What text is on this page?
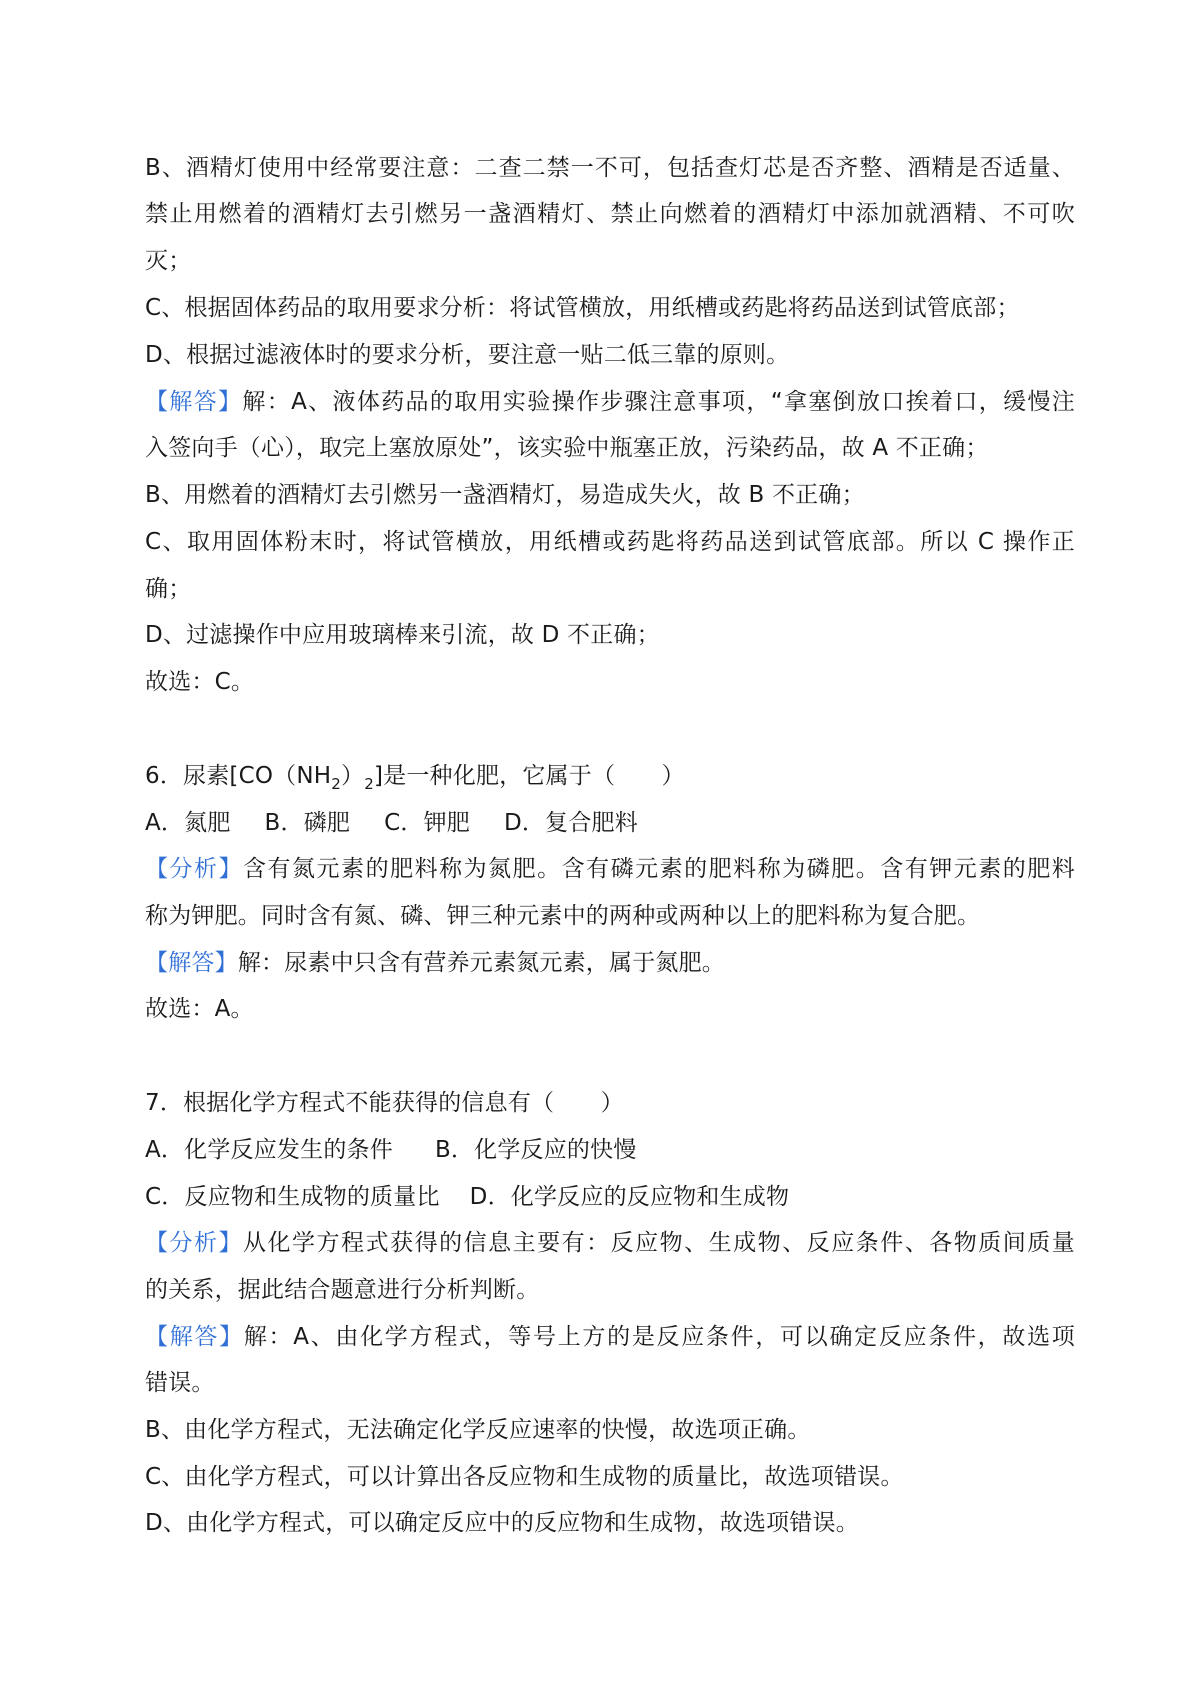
B、酒精灯使用中经常要注意：二查二禁一不可，包括查灯芯是否齐整、酒精是否适量、
禁止用燃着的酒精灯去引燃另一盏酒精灯、禁止向燃着的酒精灯中添加就酒精、不可吹
灭；
C、根据固体药品的取用要求分析：将试管横放，用纸槽或药匙将药品送到试管底部；
D、根据过滤液体时的要求分析，要注意一贴二低三靠的原则。
【解答】解：A、液体药品的取用实验操作步骤注意事项，“拿塞倒放口挨着口，缓慢注
入签向手（心），取完上塞放原处”，该实验中瓶塞正放，污染药品，故 A 不正确；
B、用燃着的酒精灯去引燃另一盏酒精灯，易造成失火，故 B 不正确；
C、取用固体粉末时，将试管横放，用纸槽或药匙将药品送到试管底部。所以 C 操作正
确；
D、过滤操作中应用玻璃棒来引流，故 D 不正确；
故选：C。
6．尿素$[CO(NH_2)_2]$是一种化肥，它属于（　　）
A．氮肥 B．磷肥 C．钾肥 D．复合肥料
【分析】含有氮元素的肥料称为氮肥。含有磷元素的肥料称为磷肥。含有钾元素的肥料
称为钾肥。同时含有氮、磷、钾三种元素中的两种或两种以上的肥料称为复合肥。
【解答】解：尿素中只含有营养元素氮元素，属于氮肥。
故选：A。
7．根据化学方程式不能获得的信息有（　　）
A．化学反应发生的条件 B．化学反应的快慢
C．反应物和生成物的质量比 D．化学反应的反应物和生成物
【分析】从化学方程式获得的信息主要有：反应物、生成物、反应条件、各物质间质量
的关系，据此结合题意进行分析判断。
【解答】解：A、由化学方程式，等号上方的是反应条件，可以确定反应条件，故选项
错误。
B、由化学方程式，无法确定化学反应速率的快慢，故选项正确。
C、由化学方程式，可以计算出各反应物和生成物的质量比，故选项错误。
D、由化学方程式，可以确定反应中的反应物和生成物，故选项错误。
